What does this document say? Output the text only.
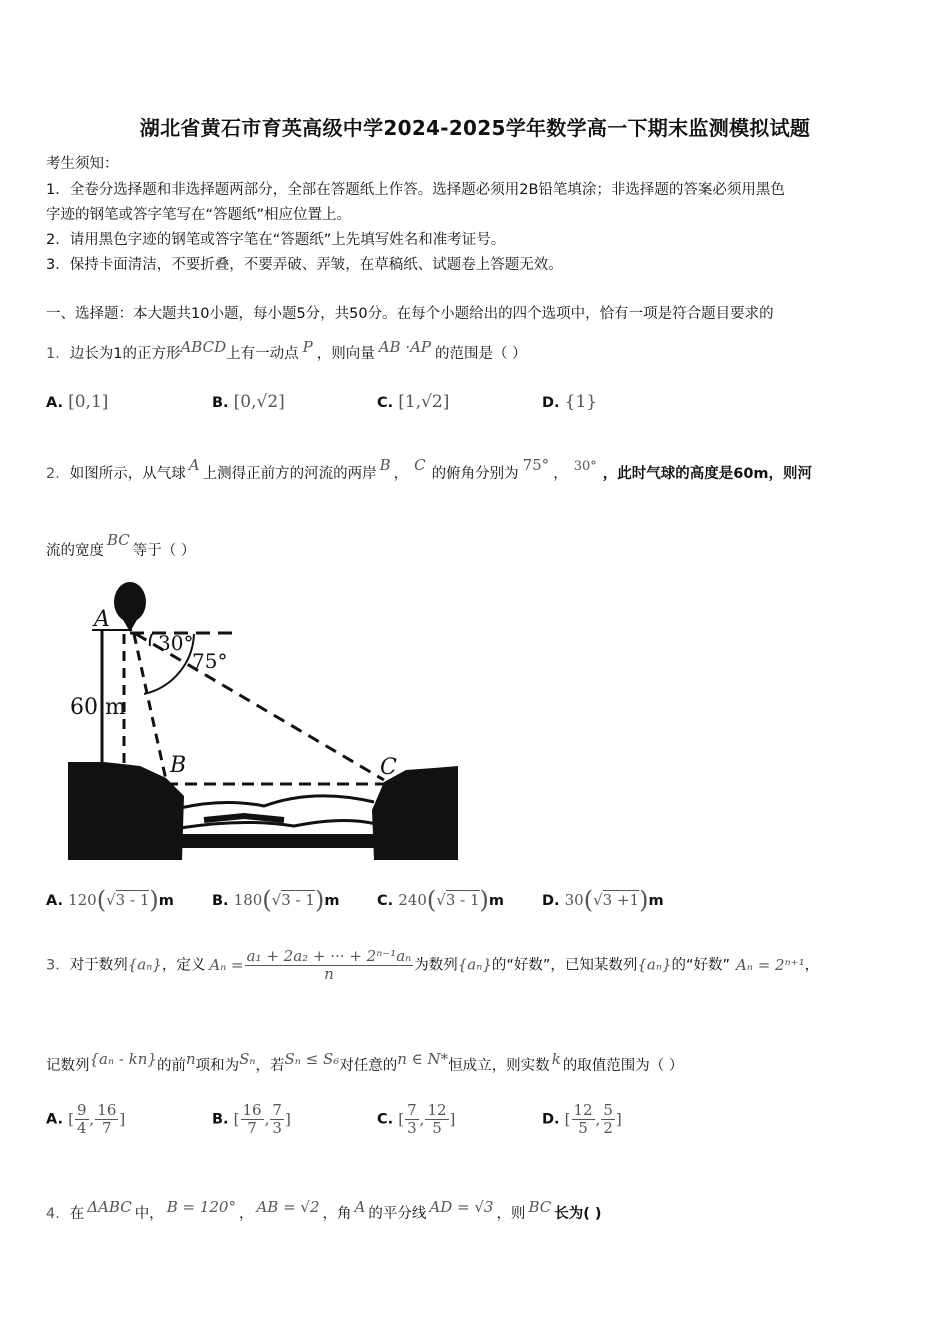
湖北省黄石市育英高级中学2024-2025学年数学高一下期末监测模拟试题
考生须知：
1．全卷分选择题和非选择题两部分，全部在答题纸上作答。选择题必须用2B铅笔填涂；非选择题的答案必须用黑色
字迹的钢笔或答字笔写在“答题纸”相应位置上。
2．请用黑色字迹的钢笔或答字笔在“答题纸”上先填写姓名和准考证号。
3．保持卡面清洁，不要折叠，不要弄破、弄皱，在草稿纸、试题卷上答题无效。
一、选择题：本大题共10小题，每小题5分，共50分。在每个小题给出的四个选项中，恰有一项是符合题目要求的
1．边长为1的正方形ABCD上有一动点 P ，则向量 AB ·AP 的范围是（ ）
A. [0,1]	B. [0,√2]	C. [1,√2]	D. {1}
2．如图所示，从气球 A 上测得正前方的河流的两岸 B ， C 的俯角分别为 75° ， 30° ，此时气球的高度是60m，则河
流的宽度BC等于（ ）
A
B	C
60 m
30°
75°
A. 120(√3 - 1)m	B. 180(√3 - 1)m	C. 240(√3 - 1)m	D. 30(√3 +1)m
3．对于数列{aₙ}，定义 $A_n = \frac{\text{a₁ + 2a₂ + ··· + 2ⁿ⁻¹aₙ}}{n}$ 为数列{aₙ}的“好数”，已知某数列{aₙ}的“好数” Aₙ = 2ⁿ⁺¹，
记数列{aₙ - kn}的前n项和为Sₙ，若Sₙ ≤ S₆对任意的n ∈ N*恒成立，则实数 k 的取值范围为（ ）
A. [ $\frac{9}{4}$ , $\frac{16}{7}$ ]	B. [ $\frac{16}{7}$ , $\frac{7}{3}$ ]	C. [ $\frac{7}{3}$ , $\frac{12}{5}$ ]	D. [ $\frac{12}{5}$ , $\frac{5}{2}$ ]
4．在 ΔABC 中， B = 120° ， AB = √2 ，角 A 的平分线 AD = √3 ，则 BC 长为( )
